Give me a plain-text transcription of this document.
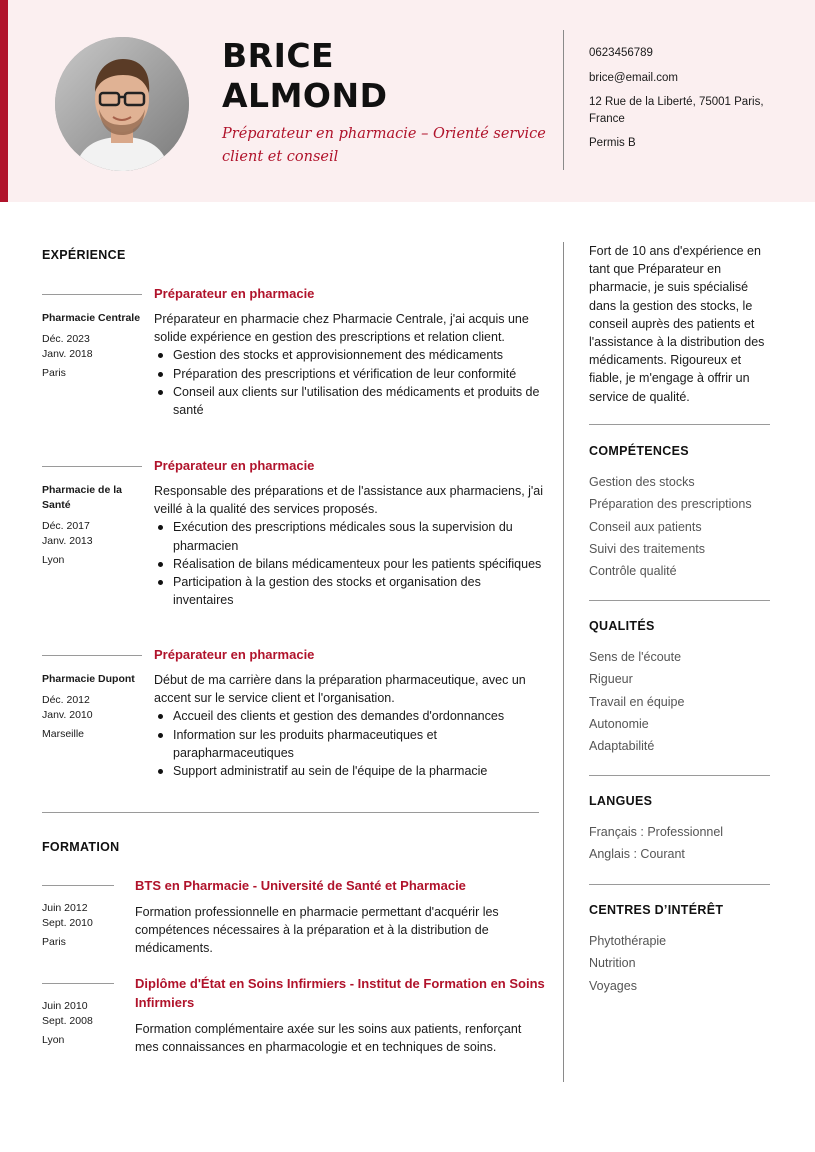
BRICE
ALMOND
Préparateur en pharmacie – Orienté service client et conseil
0623456789
brice@email.com
12 Rue de la Liberté, 75001 Paris, France
Permis B
EXPÉRIENCE
Pharmacie Centrale
Déc. 2023
Janv. 2018
Paris
Préparateur en pharmacie
Préparateur en pharmacie chez Pharmacie Centrale, j'ai acquis une solide expérience en gestion des prescriptions et relation client.
Gestion des stocks et approvisionnement des médicaments
Préparation des prescriptions et vérification de leur conformité
Conseil aux clients sur l'utilisation des médicaments et produits de santé
Pharmacie de la Santé
Déc. 2017
Janv. 2013
Lyon
Préparateur en pharmacie
Responsable des préparations et de l'assistance aux pharmaciens, j'ai veillé à la qualité des services proposés.
Exécution des prescriptions médicales sous la supervision du pharmacien
Réalisation de bilans médicamenteux pour les patients spécifiques
Participation à la gestion des stocks et organisation des inventaires
Pharmacie Dupont
Déc. 2012
Janv. 2010
Marseille
Préparateur en pharmacie
Début de ma carrière dans la préparation pharmaceutique, avec un accent sur le service client et l'organisation.
Accueil des clients et gestion des demandes d'ordonnances
Information sur les produits pharmaceutiques et parapharmaceutiques
Support administratif au sein de l'équipe de la pharmacie
FORMATION
Juin 2012
Sept. 2010
Paris
BTS en Pharmacie - Université de Santé et Pharmacie
Formation professionnelle en pharmacie permettant d'acquérir les compétences nécessaires à la préparation et à la distribution de médicaments.
Juin 2010
Sept. 2008
Lyon
Diplôme d'État en Soins Infirmiers - Institut de Formation en Soins Infirmiers
Formation complémentaire axée sur les soins aux patients, renforçant mes connaissances en pharmacologie et en techniques de soins.
Fort de 10 ans d'expérience en tant que Préparateur en pharmacie, je suis spécialisé dans la gestion des stocks, le conseil auprès des patients et l'assistance à la distribution des médicaments. Rigoureux et fiable, je m'engage à offrir un service de qualité.
COMPÉTENCES
Gestion des stocks
Préparation des prescriptions
Conseil aux patients
Suivi des traitements
Contrôle qualité
QUALITÉS
Sens de l'écoute
Rigueur
Travail en équipe
Autonomie
Adaptabilité
LANGUES
Français : Professionnel
Anglais : Courant
CENTRES D’INTÉRÊT
Phytothérapie
Nutrition
Voyages
